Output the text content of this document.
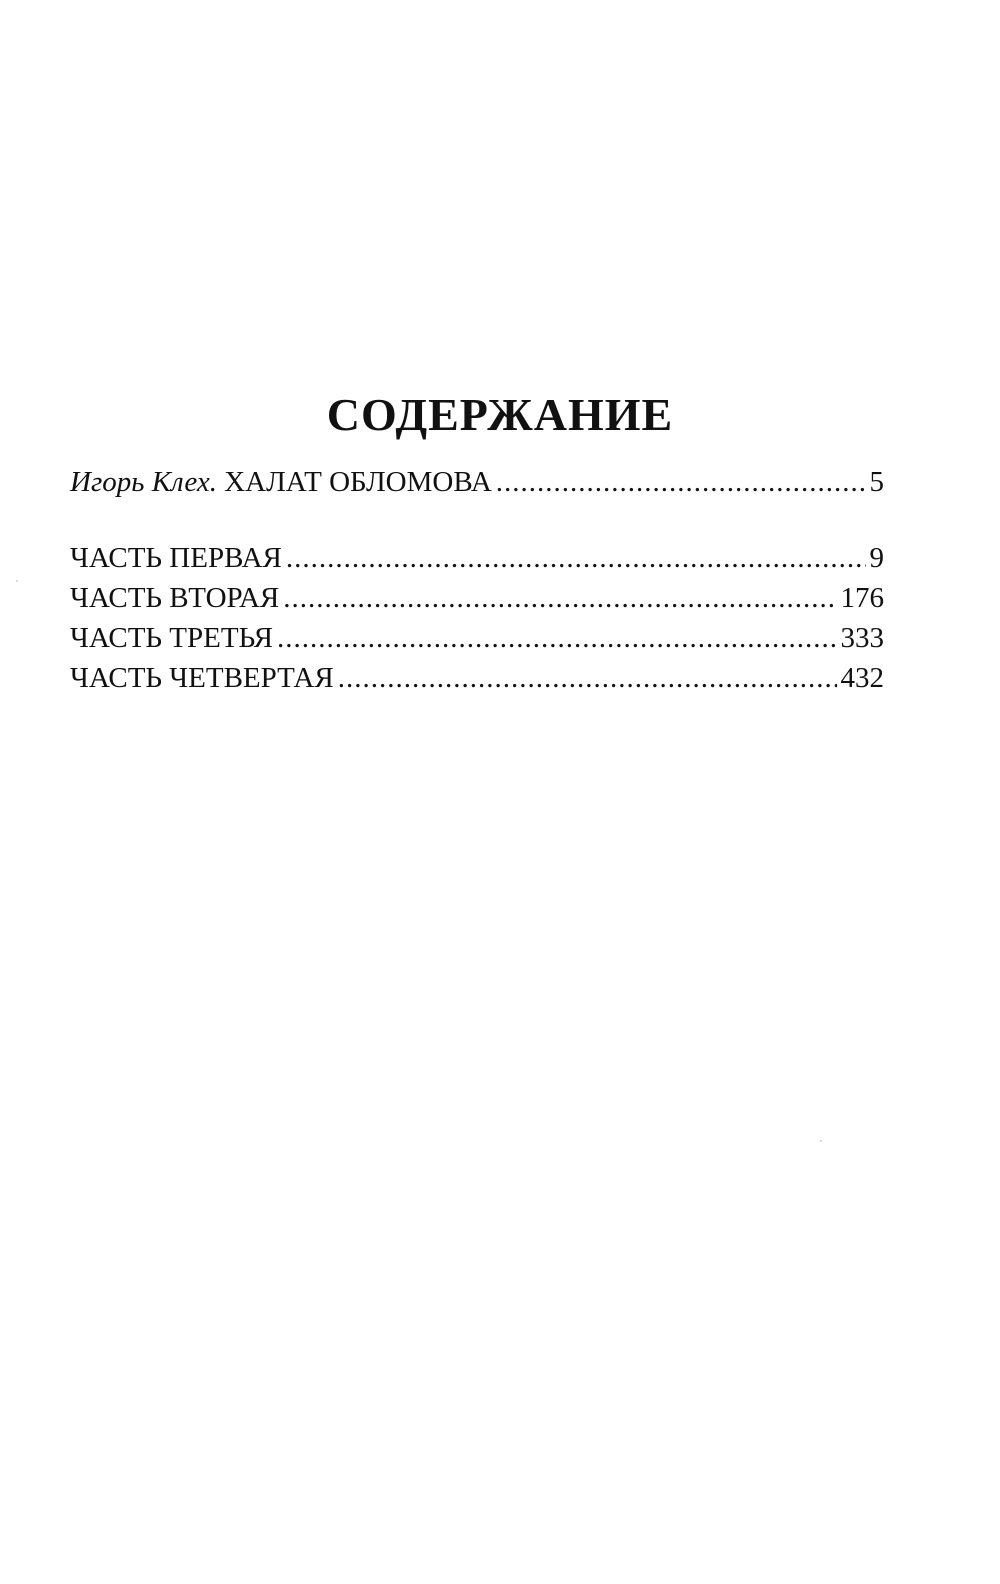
СОДЕРЖАНИЕ
Игорь Клех. ХАЛАТ ОБЛОМОВА .....	5
ЧАСТЬ ПЕРВАЯ .....	9
ЧАСТЬ ВТОРАЯ .....	176
ЧАСТЬ ТРЕТЬЯ .....	333
ЧАСТЬ ЧЕТВЕРТАЯ .....	432
